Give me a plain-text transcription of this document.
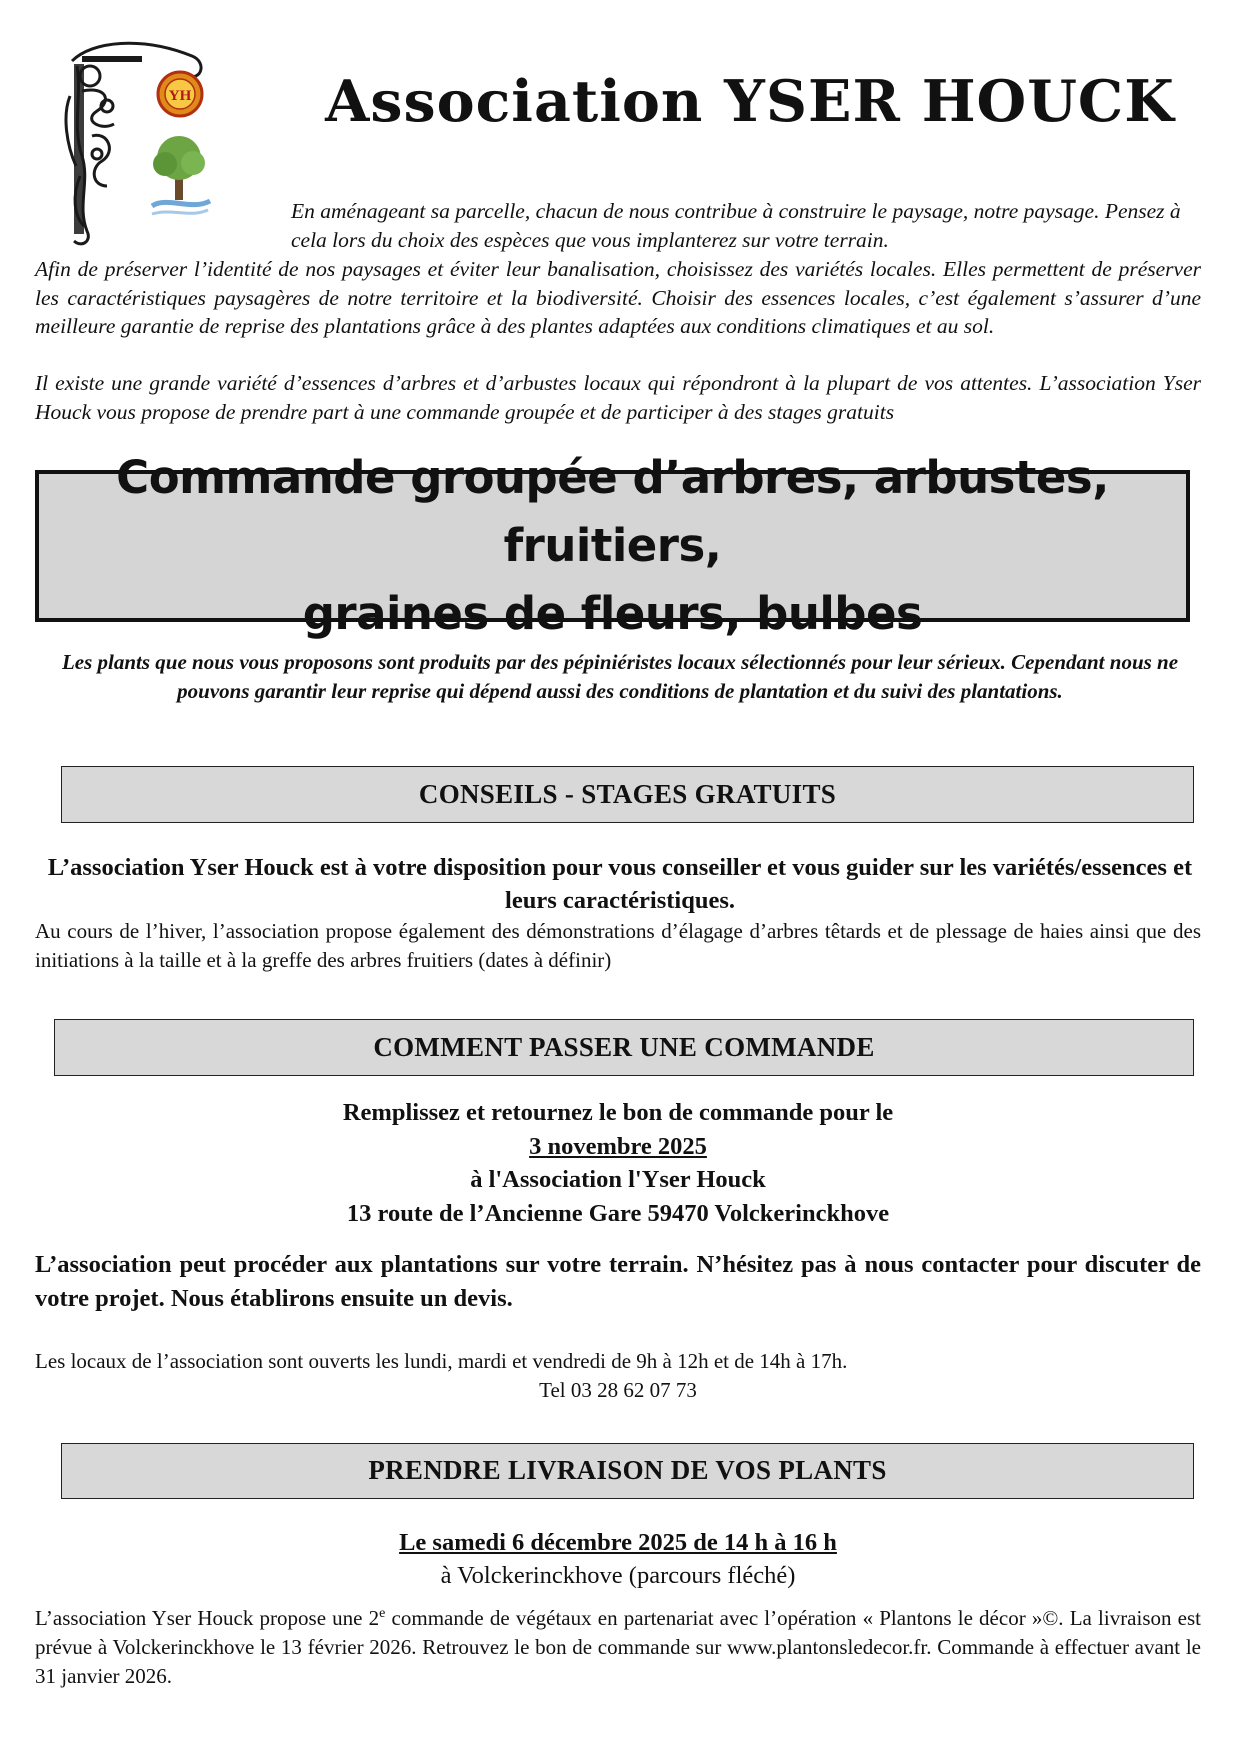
YH	Association YSER HOUCK
En aménageant sa parcelle, chacun de nous contribue à construire le paysage, notre paysage. Pensez à cela lors du choix des espèces que vous implanterez sur votre terrain.
Afin de préserver l’identité de nos paysages et éviter leur banalisation, choisissez des variétés locales. Elles permettent de préserver les caractéristiques paysagères de notre territoire et la biodiversité. Choisir des essences locales, c’est également s’assurer d’une meilleure garantie de reprise des plantations grâce à des plantes adaptées aux conditions climatiques et au sol.
Il existe une grande variété d’essences d’arbres et d’arbustes locaux qui répondront à la plupart de vos attentes. L’association Yser Houck vous propose de prendre part à une commande groupée et de participer à des stages gratuits
Commande groupée d’arbres, arbustes, fruitiers,
graines de fleurs, bulbes
Les plants que nous vous proposons sont produits par des pépiniéristes locaux sélectionnés pour leur sérieux. Cependant nous ne pouvons garantir leur reprise qui dépend aussi des conditions de plantation et du suivi des plantations.
CONSEILS - STAGES GRATUITS
L’association Yser Houck est à votre disposition pour vous conseiller et vous guider sur les variétés/essences et leurs caractéristiques.
Au cours de l’hiver, l’association propose également des démonstrations d’élagage d’arbres têtards et de plessage de haies ainsi que des initiations à la taille et à la greffe des arbres fruitiers (dates à définir)
COMMENT PASSER UNE COMMANDE
Remplissez et retournez le bon de commande pour le
3 novembre 2025
à l'Association l'Yser Houck
13 route de l’Ancienne Gare 59470 Volckerinckhove
L’association peut procéder aux plantations sur votre terrain. N’hésitez pas à nous contacter pour discuter de votre projet. Nous établirons ensuite un devis.
Les locaux de l’association sont ouverts les lundi, mardi et vendredi de 9h à 12h et de 14h à 17h.
Tel 03 28 62 07 73
PRENDRE LIVRAISON DE VOS PLANTS
Le samedi 6 décembre 2025 de 14 h à 16 h
à Volckerinckhove (parcours fléché)
L’association Yser Houck propose une 2e commande de végétaux en partenariat avec l’opération « Plantons le décor »©. La livraison est prévue à Volckerinckhove le 13 février 2026. Retrouvez le bon de commande sur www.plantonsledecor.fr. Commande à effectuer avant le 31 janvier 2026.
